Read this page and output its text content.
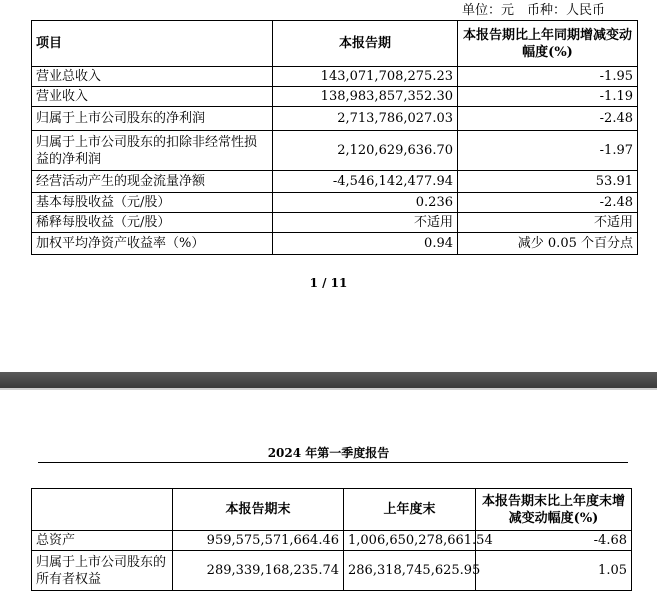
单位：元　币种：人民币
项目	本报告期	本报告期比上年同期增减变动幅度(%)
营业总收入	143,071,708,275.23	-1.95
营业收入	138,983,857,352.30	-1.19
归属于上市公司股东的净利润	2,713,786,027.03	-2.48
归属于上市公司股东的扣除非经常性损益的净利润	2,120,629,636.70	-1.97
经营活动产生的现金流量净额	-4,546,142,477.94	53.91
基本每股收益（元/股）	0.236	-2.48
稀释每股收益（元/股）	不适用	不适用
加权平均净资产收益率（%）	0.94	减少 0.05 个百分点
1 / 11
2024 年第一季度报告
	本报告期末	上年度末	本报告期末比上年度末增减变动幅度(%)
总资产	959,575,571,664.46	1,006,650,278,661.54	-4.68
归属于上市公司股东的所有者权益	289,339,168,235.74	286,318,745,625.95	1.05
